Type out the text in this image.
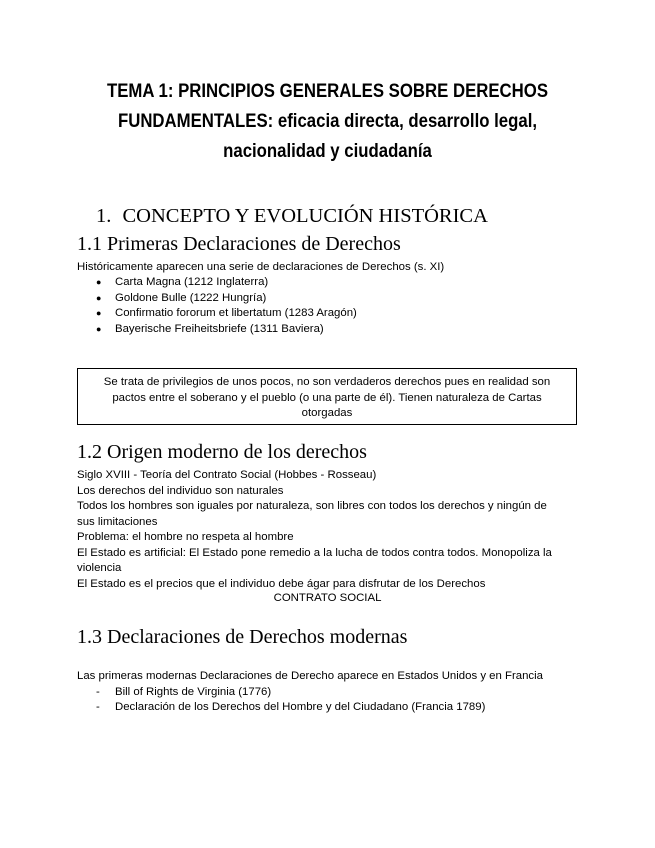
TEMA 1: PRINCIPIOS GENERALES SOBRE DERECHOS
FUNDAMENTALES: eficacia directa, desarrollo legal,
nacionalidad y ciudadanía
1. CONCEPTO Y EVOLUCIÓN HISTÓRICA
1.1 Primeras Declaraciones de Derechos
Históricamente aparecen una serie de declaraciones de Derechos (s. XI)
● Carta Magna (1212 Inglaterra)
● Goldone Bulle (1222 Hungría)
● Confirmatio fororum et libertatum (1283 Aragón)
● Bayerische Freiheitsbriefe (1311 Baviera)
Se trata de privilegios de unos pocos, no son verdaderos derechos pues en realidad son
pactos entre el soberano y el pueblo (o una parte de él). Tienen naturaleza de Cartas
otorgadas
1.2 Origen moderno de los derechos
Siglo XVIII - Teoría del Contrato Social (Hobbes - Rosseau)
Los derechos del individuo son naturales
Todos los hombres son iguales por naturaleza, son libres con todos los derechos y ningún de
sus limitaciones
Problema: el hombre no respeta al hombre
El Estado es artificial: El Estado pone remedio a la lucha de todos contra todos. Monopoliza la
violencia
El Estado es el precios que el individuo debe ágar para disfrutar de los Derechos
CONTRATO SOCIAL
1.3 Declaraciones de Derechos modernas
Las primeras modernas Declaraciones de Derecho aparece en Estados Unidos y en Francia
- Bill of Rights de Virginia (1776)
- Declaración de los Derechos del Hombre y del Ciudadano (Francia 1789)
